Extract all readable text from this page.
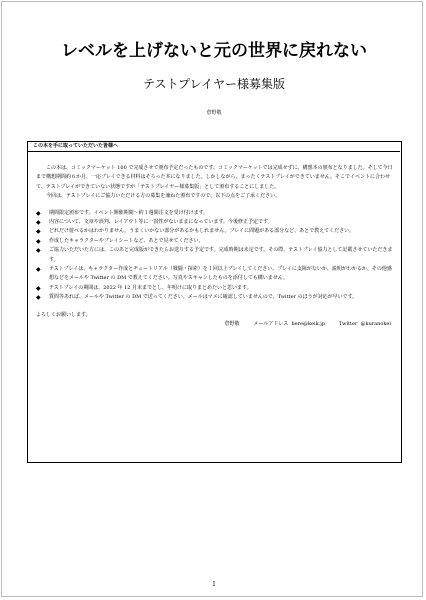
レベルを上げないと元の世界に戻れない
テストプレイヤー様募集版
倉野敬
この本を手に取っていただいた皆様へ

この本は、コミックマーケット 100 で完成させて頒布予定だったものです。コミックマーケットでは完成せずに、構想本の頒布となりました。そして今日まで構想期間約６か月、一応プレイできる材料はそろった本になりました。しかしながら、まったくテストプレイができていません。そこでイベントに合わせて、テストプレイができていない状態ですが「テストプレイヤー様募集版」として頒布することにしました。

今回は、テストプレイにご協力いただける方の募集を兼ねた頒布ですので、以下の点をご了承ください。

◆ 期間限定頒布です。イベント開催期間～約１週間注文を受け付けます。
◆ 内容について、文章や誤判、レイアウト等に一貫性がないままになっています。今後修正予定です。
◆ どれだけ遊べるかはわかりません。うまくいかない部分があるかもしれません。プレイに問題がある部分など、あとで教えてください。
◆ 作成したキャラクターやプレイシートなど、あとで見せてください。
◆ ご協力いただいた方には、このあと完成版ができたらお送りする予定です。完成時期は未定です。その際、テストプレイ協力として記載させていただきます。
◆ テストプレイは、キャラクター作成とチュートリアル（戦闘・探索）を１回以上プレイしてください。プレイに支障がないか、説明がわかるか、その他感想などをメールや Twitter の DM で教えてください。写真やスキャンしたものを添付しても構いません。
◆ テストプレイの期間は、2022 年 12 月末までとし、年明けに取りまとめたいと思います。
◆ 質問等あれば、メールや Twitter の DM で送ってください。メールはマメに確認していませんので、Twitter のほうが対応が早いです。

よろしくお願いします。

倉野敬	メールアドレス here@keik.jp	Twitter @kuranokei
1
